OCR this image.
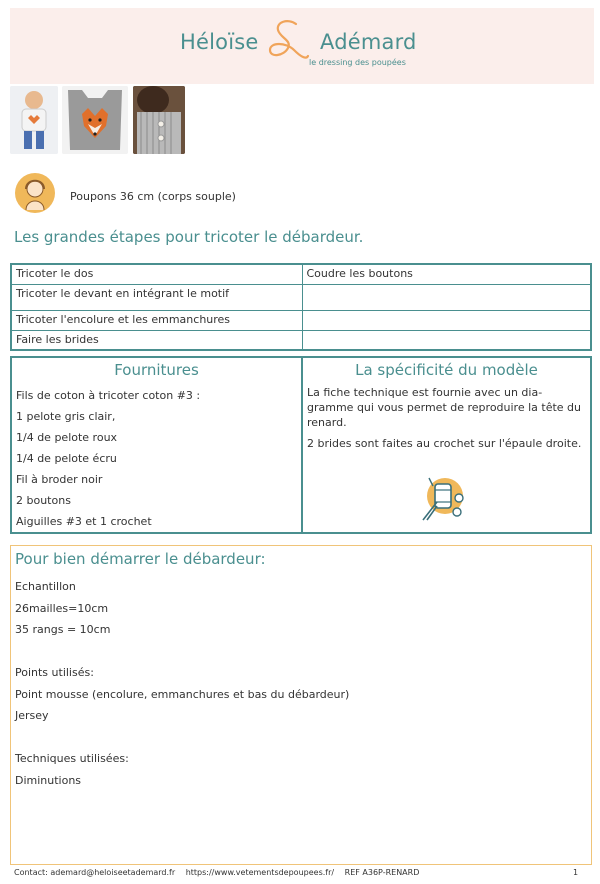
Héloïse	Adémard
le dressing des poupées
Poupons 36 cm (corps souple)
Les grandes étapes pour tricoter le débardeur.
Tricoter le dos	Coudre les boutons
Tricoter le devant en intégrant le motif	
Tricoter l'encolure et les emmanchures	
Faire les brides	
Fournitures
Fils de coton à tricoter coton #3 :
1 pelote gris clair,
1/4 de pelote roux
1/4 de pelote écru
Fil à broder noir
2 boutons
Aiguilles #3 et 1 crochet
La spécificité du modèle

La fiche technique est fournie avec un dia-gramme qui vous permet de reproduire la tête du renard.

2 brides sont faites au crochet sur l'épaule droite.

Pour bien démarrer le débardeur:
Echantillon
26mailles=10cm
35 rangs = 10cm
Points utilisés:
Point mousse (encolure, emmanchures et bas du débardeur)
Jersey
Techniques utilisées:
Diminutions
Contact: ademard@heloiseetademard.fr https://www.vetementsdepoupees.fr/ REF A36P-RENARD	1
